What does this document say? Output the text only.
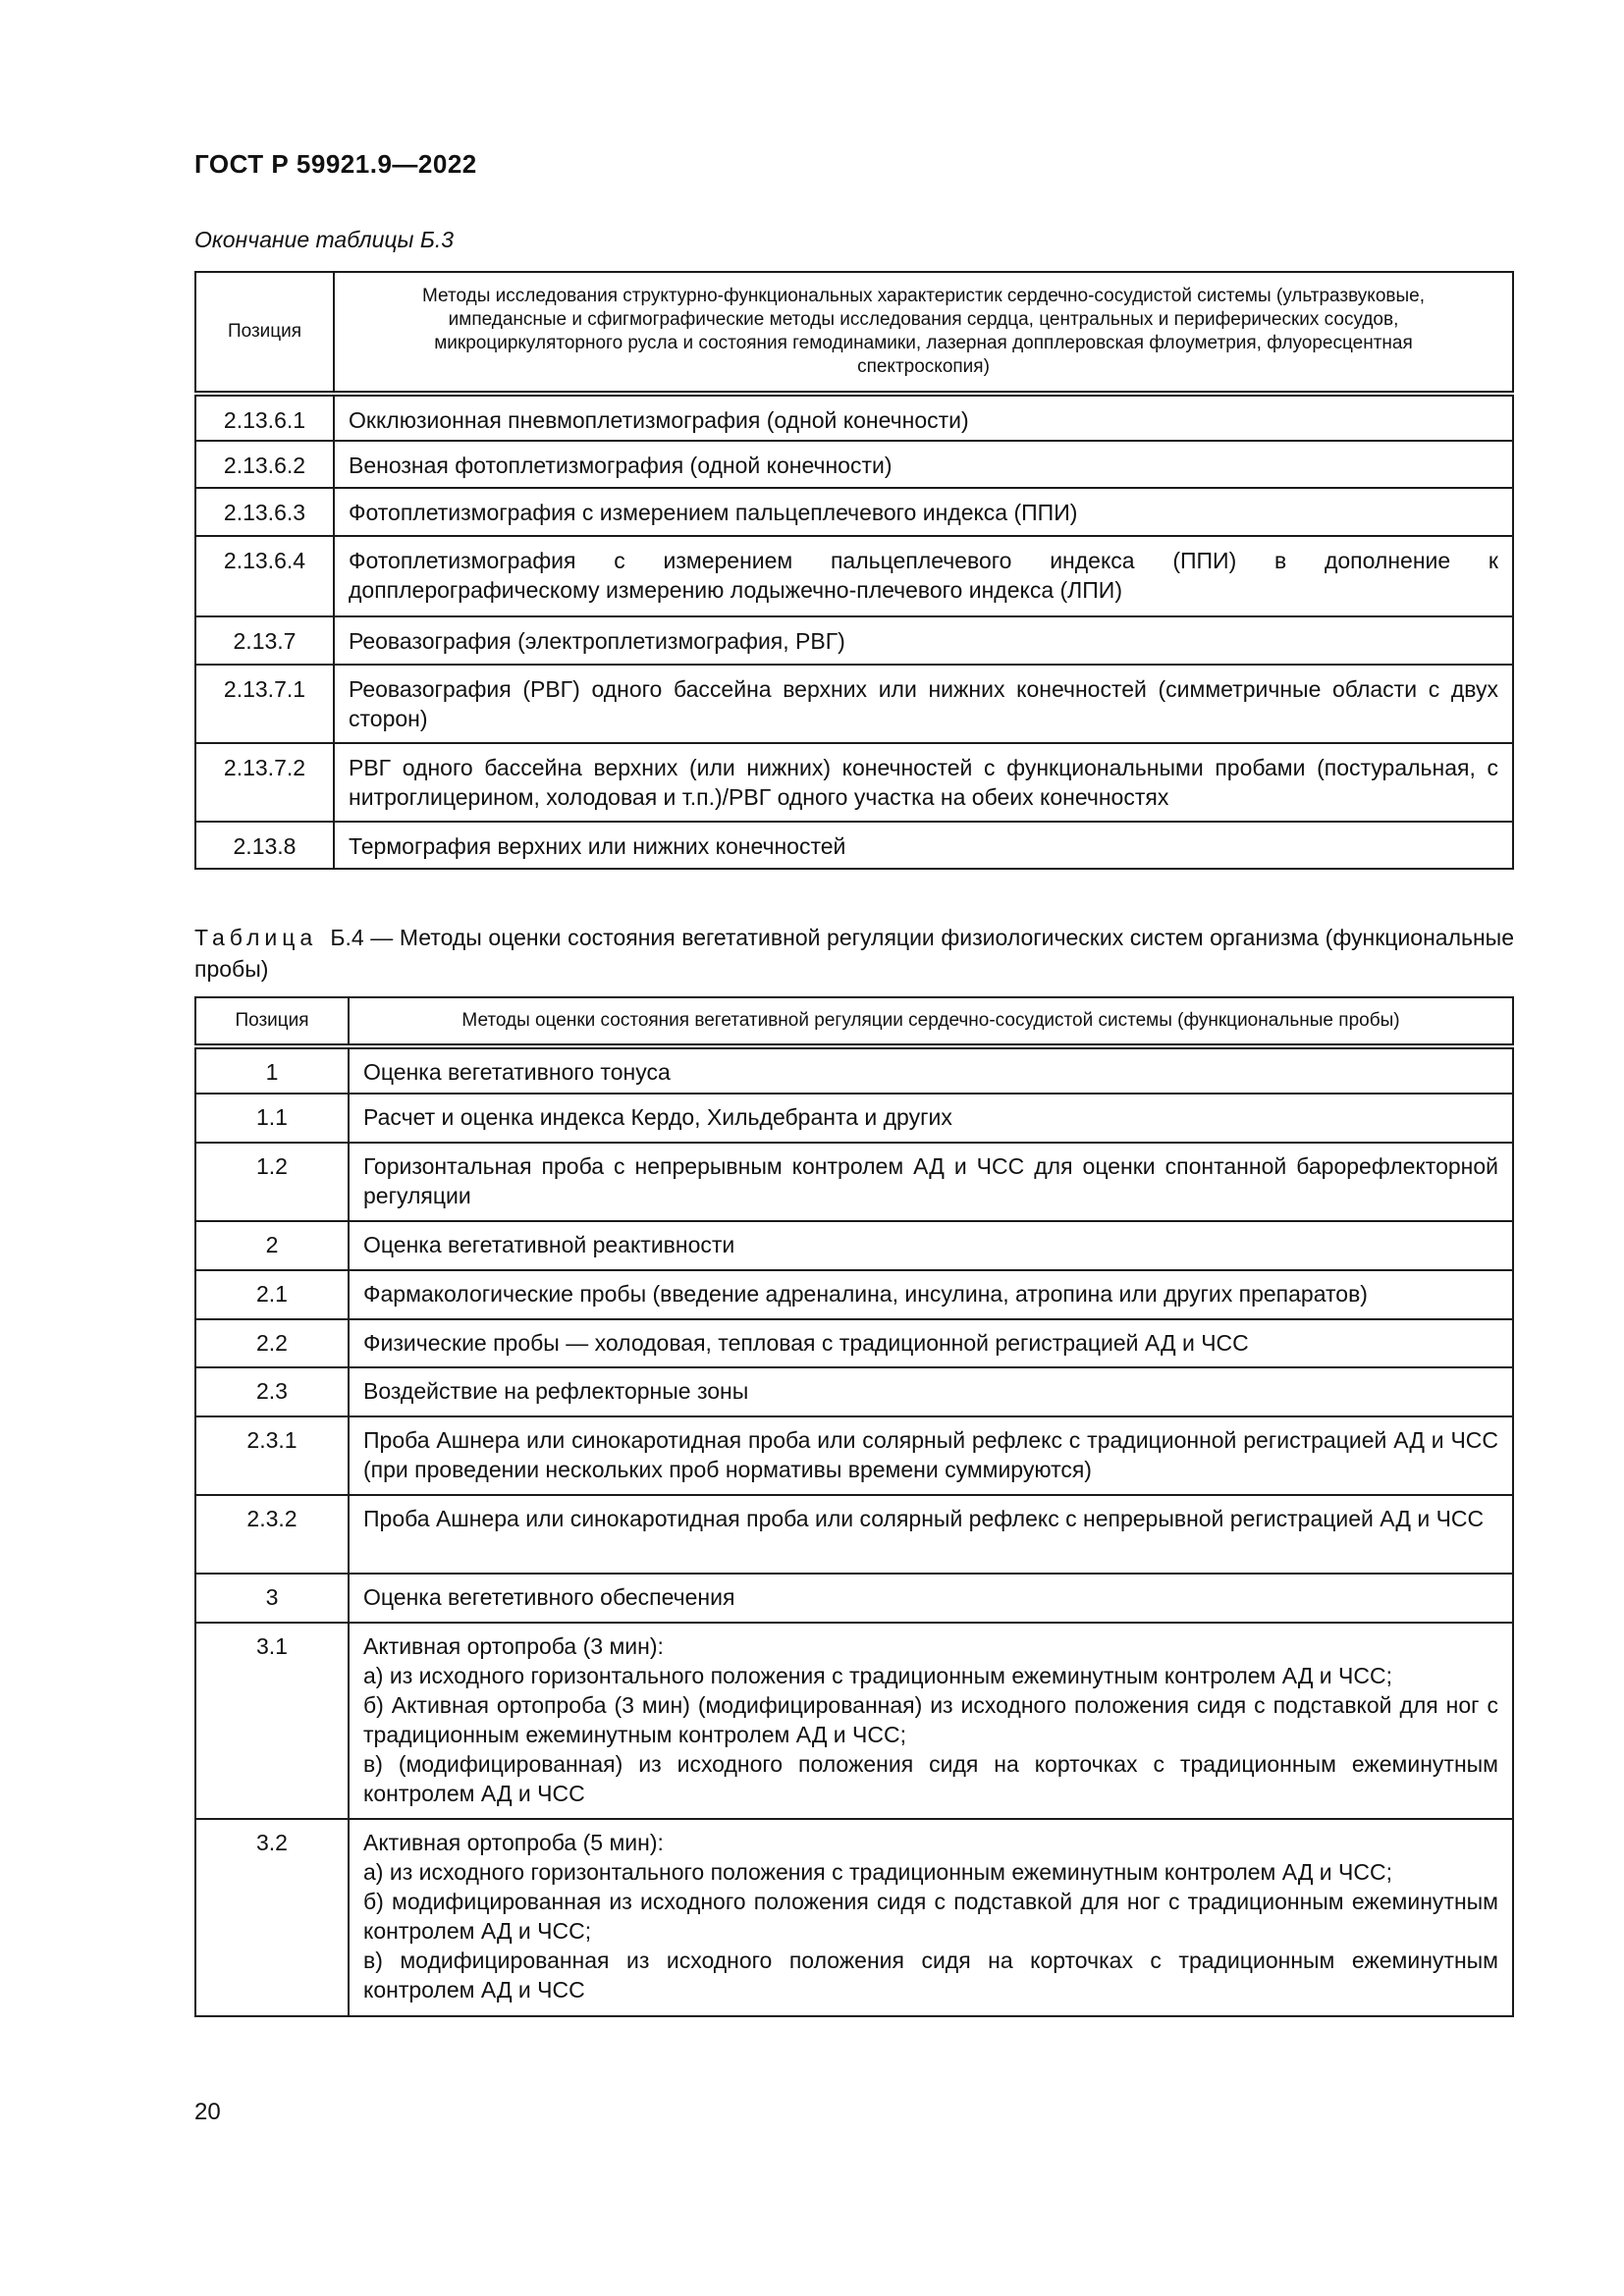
ГОСТ Р 59921.9—2022
Окончание таблицы Б.3
Позиция	Методы исследования структурно-функциональных характеристик сердечно-сосудистой системы (ультразвуковые, импедансные и сфигмографические методы исследования сердца, центральных и периферических сосудов, микроциркуляторного русла и состояния гемодинамики, лазерная допплеровская флоуметрия, флуоресцентная спектроскопия)
2.13.6.1	Окклюзионная пневмоплетизмография (одной конечности)
2.13.6.2	Венозная фотоплетизмография (одной конечности)
2.13.6.3	Фотоплетизмография с измерением пальцеплечевого индекса (ППИ)
2.13.6.4	Фотоплетизмография с измерением пальцеплечевого индекса (ППИ) в дополнение к допплерографическому измерению лодыжечно-плечевого индекса (ЛПИ)
2.13.7	Реовазография (электроплетизмография, РВГ)
2.13.7.1	Реовазография (РВГ) одного бассейна верхних или нижних конечностей (симметричные области с двух сторон)
2.13.7.2	РВГ одного бассейна верхних (или нижних) конечностей с функциональными пробами (постуральная, с нитроглицерином, холодовая и т.п.)/РВГ одного участка на обеих конечностях
2.13.8	Термография верхних или нижних конечностей
Таблица Б.4 — Методы оценки состояния вегетативной регуляции физиологических систем организма (функциональные пробы)
Позиция	Методы оценки состояния вегетативной регуляции сердечно-сосудистой системы (функциональные пробы)
1	Оценка вегетативного тонуса
1.1	Расчет и оценка индекса Кердо, Хильдебранта и других
1.2	Горизонтальная проба с непрерывным контролем АД и ЧСС для оценки спонтанной барорефлекторной регуляции
2	Оценка вегетативной реактивности
2.1	Фармакологические пробы (введение адреналина, инсулина, атропина или других препаратов)
2.2	Физические пробы — холодовая, тепловая с традиционной регистрацией АД и ЧСС
2.3	Воздействие на рефлекторные зоны
2.3.1	Проба Ашнера или синокаротидная проба или солярный рефлекс с традиционной регистрацией АД и ЧСС (при проведении нескольких проб нормативы времени суммируются)
2.3.2	Проба Ашнера или синокаротидная проба или солярный рефлекс с непрерывной регистрацией АД и ЧСС
3	Оценка вегететивного обеспечения
3.1	Активная ортопроба (3 мин):
а) из исходного горизонтального положения с традиционным ежеминутным контролем АД и ЧСС;
б) Активная ортопроба (3 мин) (модифицированная) из исходного положения сидя с подставкой для ног с традиционным ежеминутным контролем АД и ЧСС;
в) (модифицированная) из исходного положения сидя на корточках с традиционным ежеминутным контролем АД и ЧСС
3.2	Активная ортопроба (5 мин):
а) из исходного горизонтального положения с традиционным ежеминутным контролем АД и ЧСС;
б) модифицированная из исходного положения сидя с подставкой для ног с традиционным ежеминутным контролем АД и ЧСС;
в) модифицированная из исходного положения сидя на корточках с традиционным ежеминутным контролем АД и ЧСС
20
